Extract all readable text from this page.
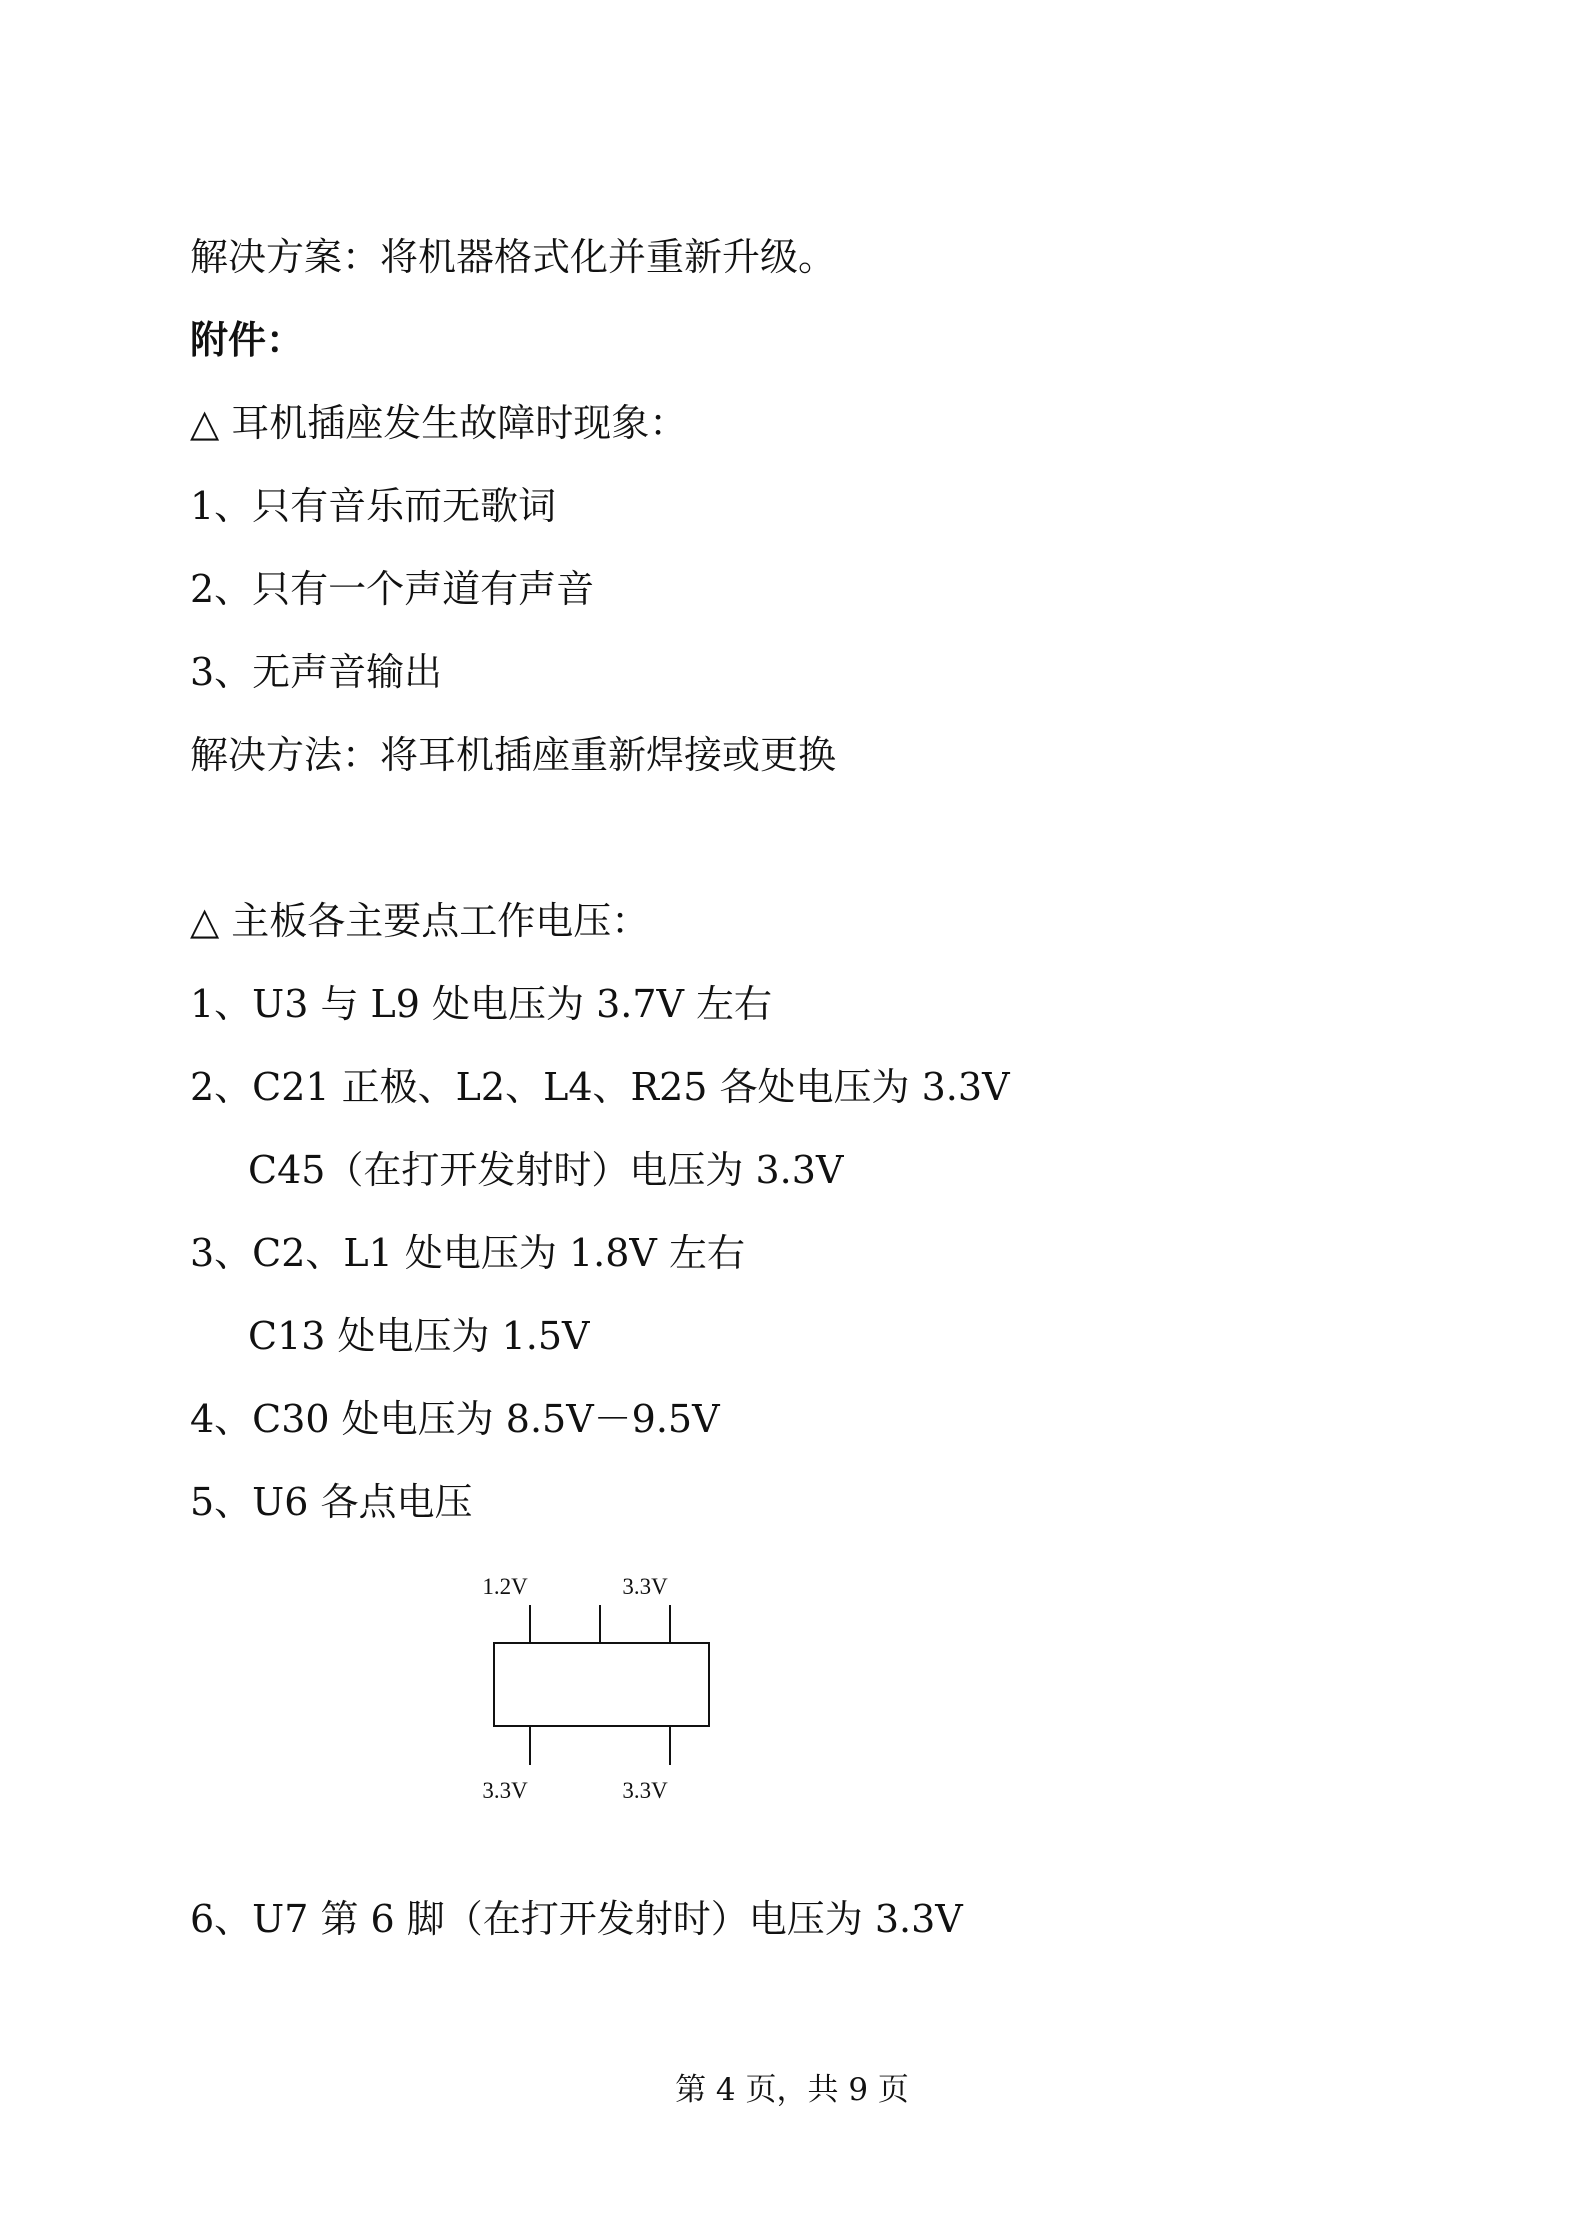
解决方案：将机器格式化并重新升级。
附件：
△ 耳机插座发生故障时现象：
1、只有音乐而无歌词
2、只有一个声道有声音
3、无声音输出
解决方法：将耳机插座重新焊接或更换
△ 主板各主要点工作电压：
1、U3 与 L9 处电压为 3.7V 左右
2、C21 正极、L2、L4、R25 各处电压为 3.3V
C45（在打开发射时）电压为 3.3V
3、C2、L1 处电压为 1.8V 左右
C13 处电压为 1.5V
4、C30 处电压为 8.5V－9.5V
5、U6 各点电压
1.2V	3.3V
3.3V	3.3V
6、U7 第 6 脚（在打开发射时）电压为 3.3V
第 4 页，共 9 页
